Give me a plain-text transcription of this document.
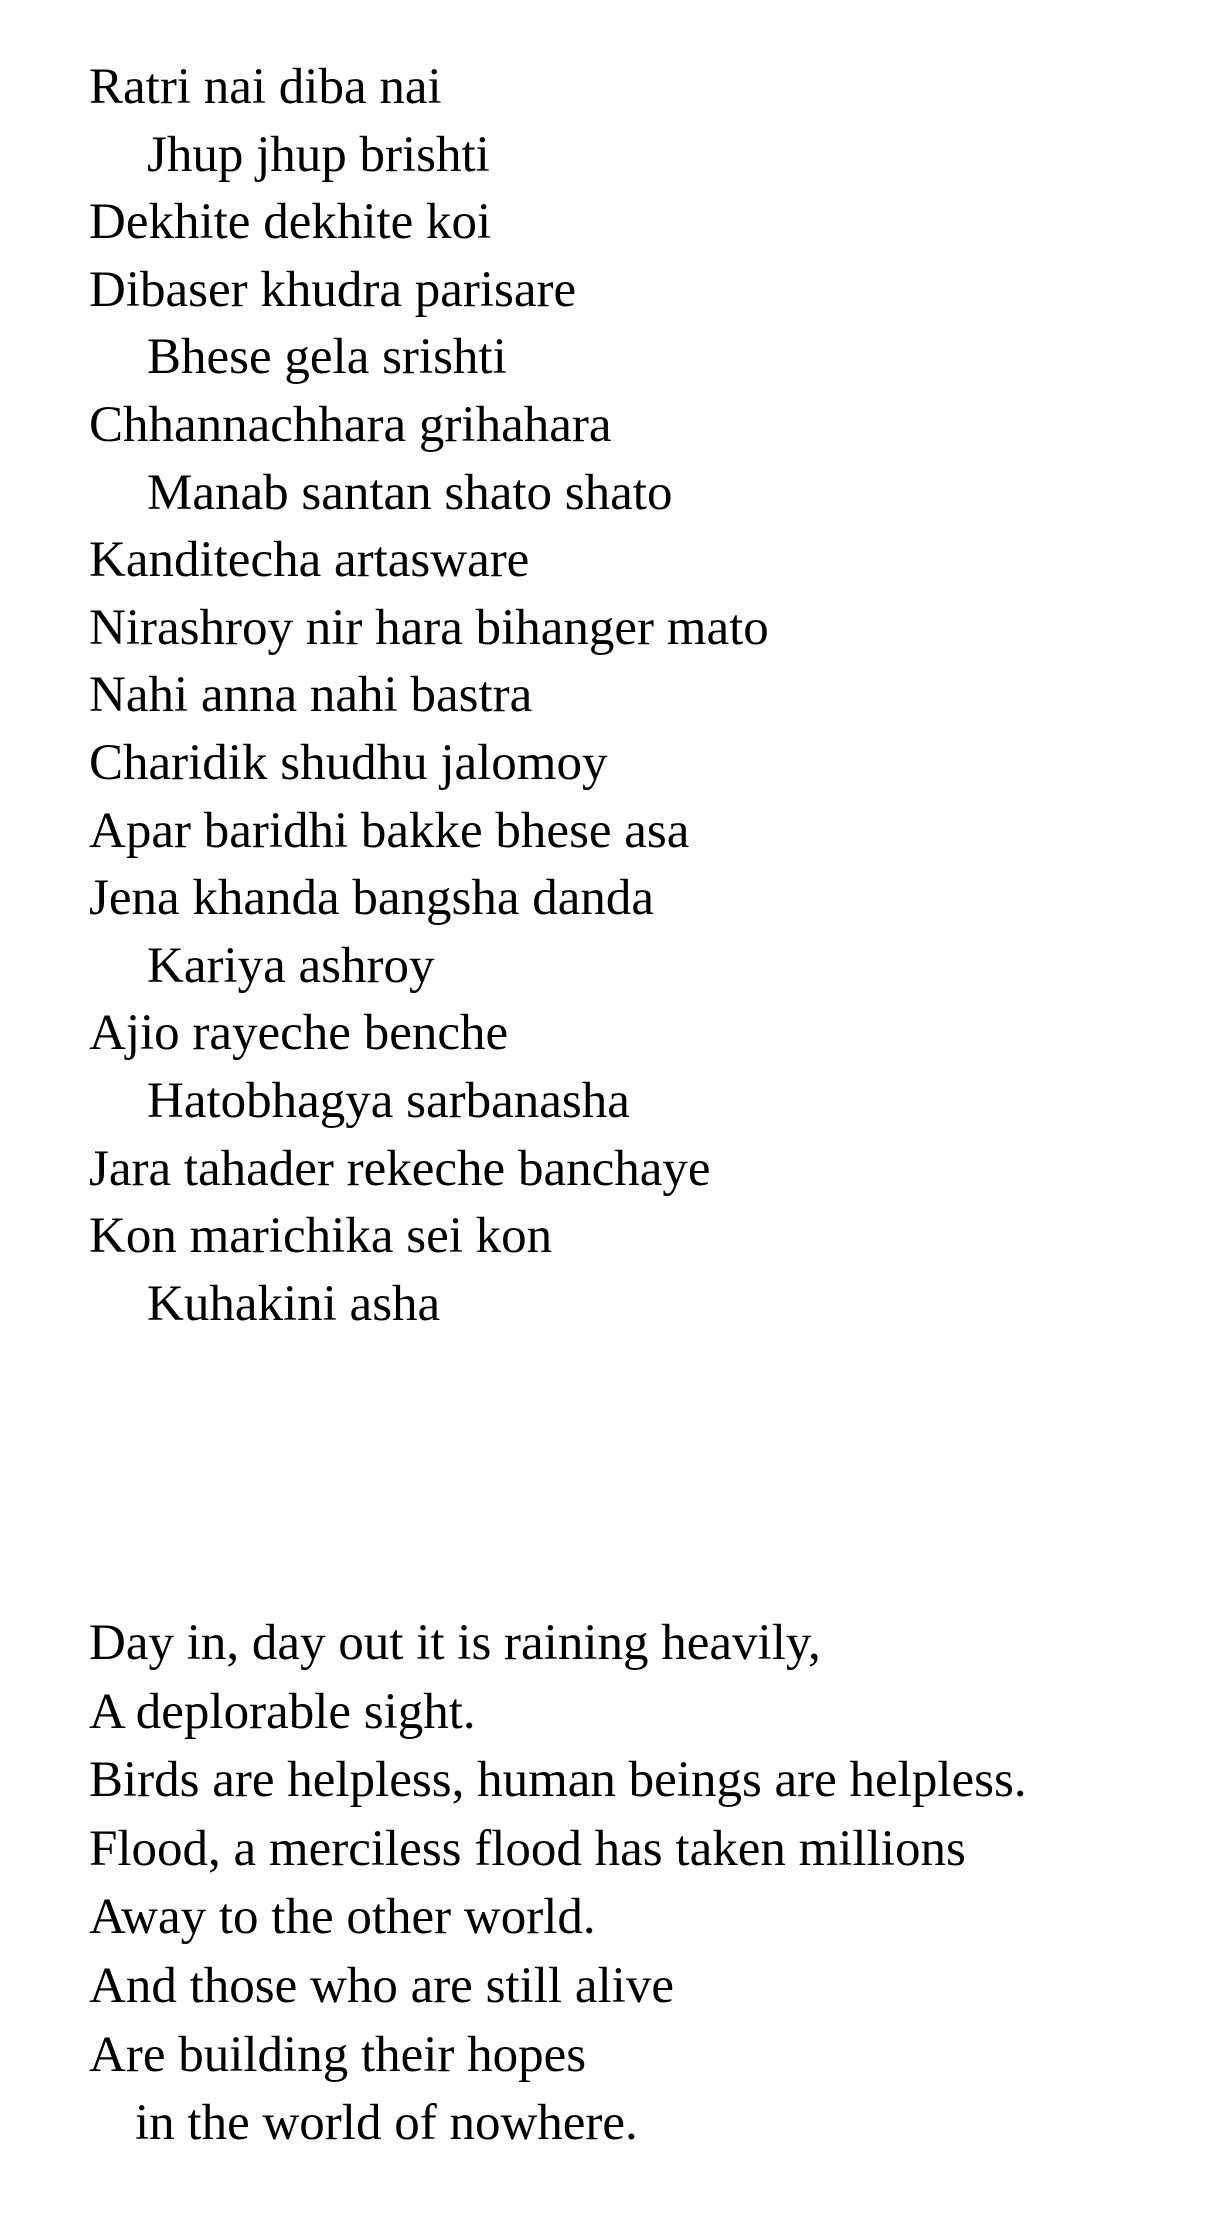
Ratri nai diba nai
Jhup jhup brishti
Dekhite dekhite koi
Dibaser khudra parisare
Bhese gela srishti
Chhannachhara grihahara
Manab santan shato shato
Kanditecha artasware
Nirashroy nir hara bihanger mato
Nahi anna nahi bastra
Charidik shudhu jalomoy
Apar baridhi bakke bhese asa
Jena khanda bangsha danda
Kariya ashroy
Ajio rayeche benche
Hatobhagya sarbanasha
Jara tahader rekeche banchaye
Kon marichika sei kon
Kuhakini asha
Day in, day out it is raining heavily,
A deplorable sight.
Birds are helpless, human beings are helpless.
Flood, a merciless flood has taken millions
Away to the other world.
And those who are still alive
Are building their hopes
in the world of nowhere.
